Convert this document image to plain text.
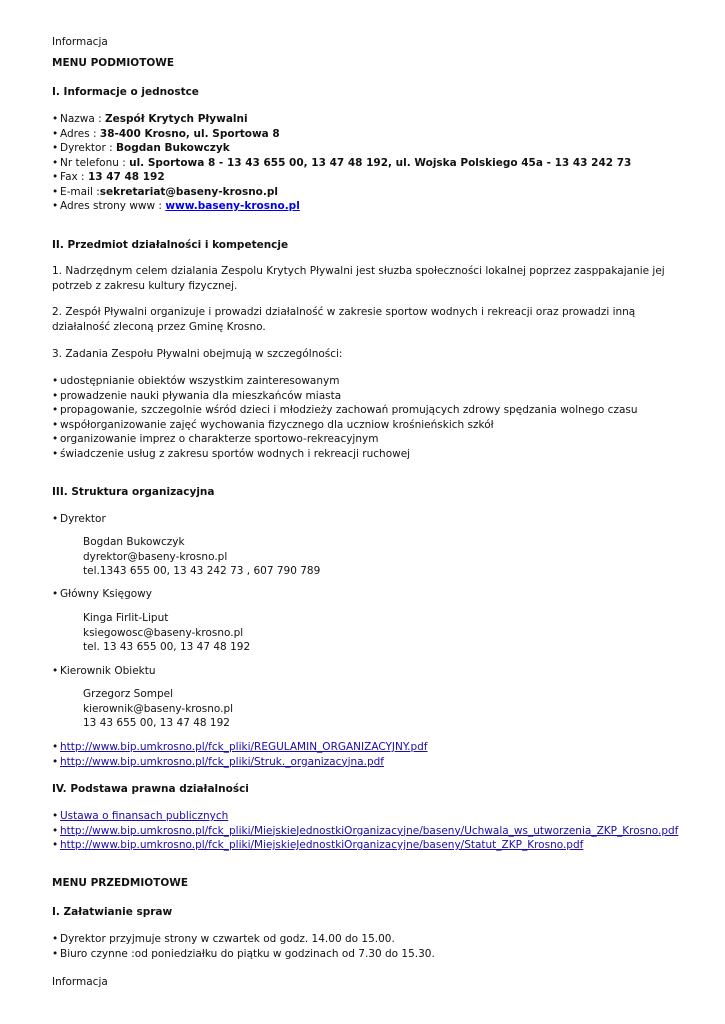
Informacja
MENU PODMIOTOWE
I. Informacje o jednostce
• Nazwa : Zespół Krytych Pływalni
• Adres : 38-400 Krosno, ul. Sportowa 8
• Dyrektor : Bogdan Bukowczyk
• Nr telefonu : ul. Sportowa 8 - 13 43 655 00, 13 47 48 192, ul. Wojska Polskiego 45a - 13 43 242 73
• Fax : 13 47 48 192
• E-mail :sekretariat@baseny-krosno.pl
• Adres strony www : www.baseny-krosno.pl
II. Przedmiot działalności i kompetencje
1. Nadrzędnym celem dzialania Zespolu Krytych Pływalni jest słuzba społeczności lokalnej poprzez zasppakajanie jej potrzeb z zakresu kultury fizycznej.
2. Zespół Pływalni organizuje i prowadzi działalność w zakresie sportow wodnych i rekreacji oraz prowadzi inną działalność zleconą przez Gminę Krosno.
3. Zadania Zespołu Pływalni obejmują w szczególności:
• udostępnianie obiektów wszystkim zainteresowanym
• prowadzenie nauki pływania dla mieszkańców miasta
• propagowanie, szczegolnie wśród dzieci i młodzieży zachowań promujących zdrowy spędzania wolnego czasu
• współorganizowanie zajęć wychowania fizycznego dla uczniow krośnieńskich szkół
• organizowanie imprez o charakterze sportowo-rekreacyjnym
• świadczenie usług z zakresu sportów wodnych i rekreacji ruchowej
III. Struktura organizacyjna
• Dyrektor
Bogdan Bukowczyk
dyrektor@baseny-krosno.pl
tel.1343 655 00, 13 43 242 73 , 607 790 789
• Główny Księgowy
Kinga Firlit-Liput
ksiegowosc@baseny-krosno.pl
tel. 13 43 655 00, 13 47 48 192
• Kierownik Obiektu
Grzegorz Sompel
kierownik@baseny-krosno.pl
13 43 655 00, 13 47 48 192
• http://www.bip.umkrosno.pl/fck_pliki/REGULAMIN_ORGANIZACYJNY.pdf
• http://www.bip.umkrosno.pl/fck_pliki/Struk._organizacyjna.pdf
IV. Podstawa prawna działalności
• Ustawa o finansach publicznych
• http://www.bip.umkrosno.pl/fck_pliki/MiejskieJednostkiOrganizacyjne/baseny/Uchwala_ws_utworzenia_ZKP_Krosno.pdf
• http://www.bip.umkrosno.pl/fck_pliki/MiejskieJednostkiOrganizacyjne/baseny/Statut_ZKP_Krosno.pdf
MENU PRZEDMIOTOWE
I. Załatwianie spraw
• Dyrektor przyjmuje strony w czwartek od godz. 14.00 do 15.00.
• Biuro czynne :od poniedziałku do piątku w godzinach od 7.30 do 15.30.
Informacja
